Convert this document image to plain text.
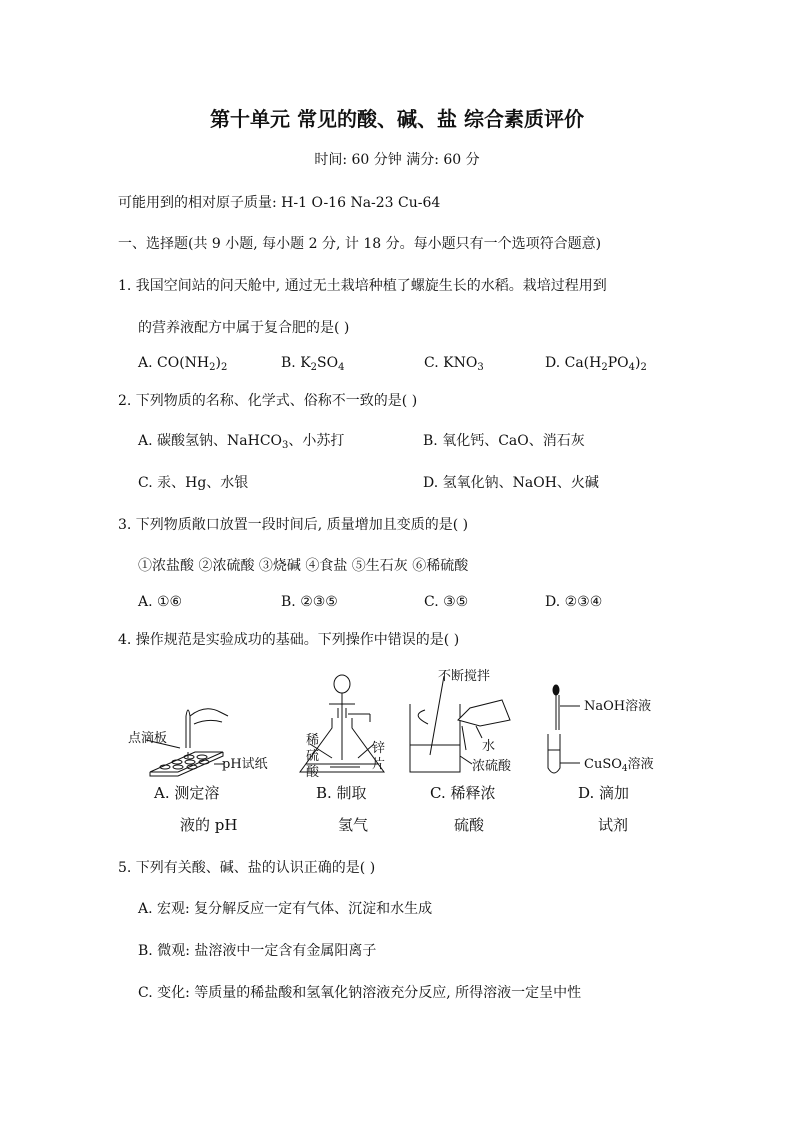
第十单元 常见的酸、碱、盐 综合素质评价
时间: 60 分钟 满分: 60 分
可能用到的相对原子质量: H-1 O-16 Na-23 Cu-64
一、选择题(共 9 小题, 每小题 2 分, 计 18 分。每小题只有一个选项符合题意)
1. 我国空间站的问天舱中, 通过无土栽培种植了螺旋生长的水稻。栽培过程用到
的营养液配方中属于复合肥的是( )
A. $CO(NH_2)_2$	B. $K_2SO_4$	C. $KNO_3$	D. $Ca(H_2PO_4)_2$
2. 下列物质的名称、化学式、俗称不一致的是( )
A. 碳酸氢钠、NaHCO$_3$、小苏打	B. 氧化钙、CaO、消石灰
C. 汞、Hg、水银	D. 氢氧化钠、NaOH、火碱
3. 下列物质敞口放置一段时间后, 质量增加且变质的是( )
①浓盐酸 ②浓硫酸 ③烧碱 ④食盐 ⑤生石灰 ⑥稀硫酸
A. ①⑥	B. ②③⑤	C. ③⑤	D. ②③④
4. 操作规范是实验成功的基础。下列操作中错误的是( )
点滴板
pH试纸
稀
硫
酸
锌
片
不断搅拌
水
浓硫酸
NaOH溶液
CuSO$_4$溶液
A. 测定溶
液的 pH
B. 制取
氢气
C. 稀释浓
硫酸
D. 滴加
试剂
5. 下列有关酸、碱、盐的认识正确的是( )
A. 宏观: 复分解反应一定有气体、沉淀和水生成
B. 微观: 盐溶液中一定含有金属阳离子
C. 变化: 等质量的稀盐酸和氢氧化钠溶液充分反应, 所得溶液一定呈中性
